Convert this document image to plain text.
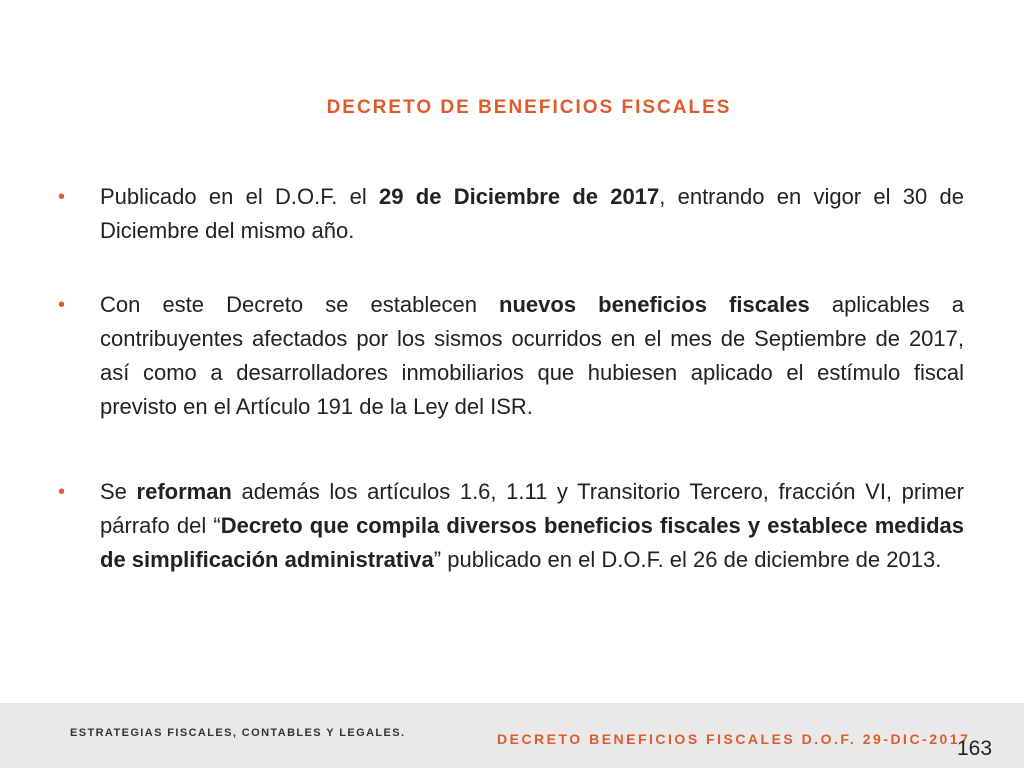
DECRETO DE BENEFICIOS FISCALES
• Publicado en el D.O.F. el 29 de Diciembre de 2017, entrando en vigor el 30 de Diciembre del mismo año.
• Con este Decreto se establecen nuevos beneficios fiscales aplicables a contribuyentes afectados por los sismos ocurridos en el mes de Septiembre de 2017, así como a desarrolladores inmobiliarios que hubiesen aplicado el estímulo fiscal previsto en el Artículo 191 de la Ley del ISR.
• Se reforman además los artículos 1.6, 1.11 y Transitorio Tercero, fracción VI, primer párrafo del “Decreto que compila diversos beneficios fiscales y establece medidas de simplificación administrativa” publicado en el D.O.F. el 26 de diciembre de 2013.
ESTRATEGIAS FISCALES, CONTABLES Y LEGALES.	DECRETO BENEFICIOS FISCALES D.O.F. 29-DIC-2017
163
